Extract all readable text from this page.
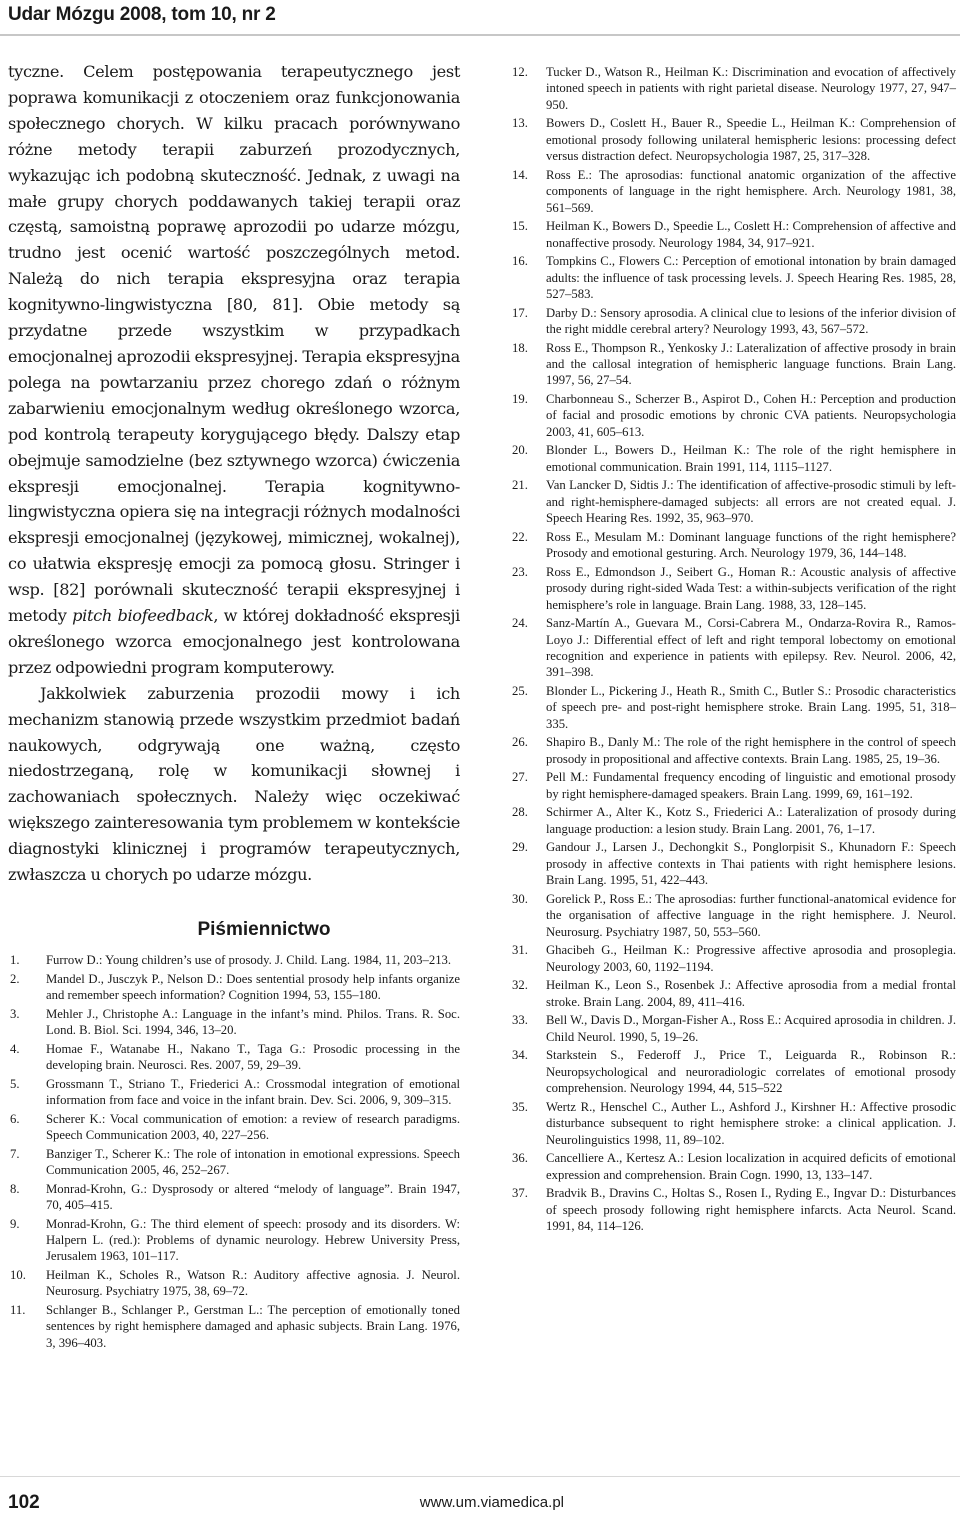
Udar Mózgu 2008, tom 10, nr 2

tyczne. Celem postępowania terapeutycznego jest poprawa komunikacji z otoczeniem oraz funkcjonowania społecznego chorych. W kilku pracach porównywano różne metody terapii zaburzeń prozodycznych, wykazując ich podobną skuteczność. Jednak, z uwagi na małe grupy chorych poddawanych takiej terapii oraz częstą, samoistną poprawę aprozodii po udarze mózgu, trudno jest ocenić wartość poszczególnych metod. Należą do nich terapia ekspresyjna oraz terapia kognitywno-lingwistyczna [80, 81]. Obie metody są przydatne przede wszystkim w przypadkach emocjonalnej aprozodii ekspresyjnej. Terapia ekspresyjna polega na powtarzaniu przez chorego zdań o różnym zabarwieniu emocjonalnym według określonego wzorca, pod kontrolą terapeuty korygującego błędy. Dalszy etap obejmuje samodzielne (bez sztywnego wzorca) ćwiczenia ekspresji emocjonalnej. Terapia kognitywno-lingwistyczna opiera się na integracji różnych modalności ekspresji emocjonalnej (językowej, mimicznej, wokalnej), co ułatwia ekspresję emocji za pomocą głosu. Stringer i wsp. [82] porównali skuteczność terapii ekspresyjnej i metody pitch biofeedback, w której dokładność ekspresji określonego wzorca emocjonalnego jest kontrolowana przez odpowiedni program komputerowy.

Jakkolwiek zaburzenia prozodii mowy i ich mechanizm stanowią przede wszystkim przedmiot badań naukowych, odgrywają one ważną, często niedostrzeganą, rolę w komunikacji słownej i zachowaniach społecznych. Należy więc oczekiwać większego zainteresowania tym problemem w kontekście diagnostyki klinicznej i programów terapeutycznych, zwłaszcza u chorych po udarze mózgu.

Piśmiennictwo
1.	Furrow D.: Young children’s use of prosody. J. Child. Lang. 1984, 11, 203–213.
2.	Mandel D., Jusczyk P., Nelson D.: Does sentential prosody help infants organize and remember speech information? Cognition 1994, 53, 155–180.
3.	Mehler J., Christophe A.: Language in the infant’s mind. Philos. Trans. R. Soc. Lond. B. Biol. Sci. 1994, 346, 13–20.
4.	Homae F., Watanabe H., Nakano T., Taga G.: Prosodic processing in the developing brain. Neurosci. Res. 2007, 59, 29–39.
5.	Grossmann T., Striano T., Friederici A.: Crossmodal integration of emotional information from face and voice in the infant brain. Dev. Sci. 2006, 9, 309–315.
6.	Scherer K.: Vocal communication of emotion: a review of research paradigms. Speech Communication 2003, 40, 227–256.
7.	Banziger T., Scherer K.: The role of intonation in emotional expressions. Speech Communication 2005, 46, 252–267.
8.	Monrad-Krohn, G.: Dysprosody or altered “melody of language”. Brain 1947, 70, 405–415.
9.	Monrad-Krohn, G.: The third element of speech: prosody and its disorders. W: Halpern L. (red.): Problems of dynamic neurology. Hebrew University Press, Jerusalem 1963, 101–117.
10.	Heilman K., Scholes R., Watson R.: Auditory affective agnosia. J. Neurol. Neurosurg. Psychiatry 1975, 38, 69–72.
11.	Schlanger B., Schlanger P., Gerstman L.: The perception of emotionally toned sentences by right hemisphere damaged and aphasic subjects. Brain Lang. 1976, 3, 396–403.
12.	Tucker D., Watson R., Heilman K.: Discrimination and evocation of affectively intoned speech in patients with right parietal disease. Neurology 1977, 27, 947–950.
13.	Bowers D., Coslett H., Bauer R., Speedie L., Heilman K.: Comprehension of emotional prosody following unilateral hemispheric lesions: processing defect versus distraction defect. Neuropsychologia 1987, 25, 317–328.
14.	Ross E.: The aprosodias: functional anatomic organization of the affective components of language in the right hemisphere. Arch. Neurology 1981, 38, 561–569.
15.	Heilman K., Bowers D., Speedie L., Coslett H.: Comprehension of affective and nonaffective prosody. Neurology 1984, 34, 917–921.
16.	Tompkins C., Flowers C.: Perception of emotional intonation by brain damaged adults: the influence of task processing levels. J. Speech Hearing Res. 1985, 28, 527–583.
17.	Darby D.: Sensory aprosodia. A clinical clue to lesions of the inferior division of the right middle cerebral artery? Neurology 1993, 43, 567–572.
18.	Ross E., Thompson R., Yenkosky J.: Lateralization of affective prosody in brain and the callosal integration of hemispheric language functions. Brain Lang. 1997, 56, 27–54.
19.	Charbonneau S., Scherzer B., Aspirot D., Cohen H.: Perception and production of facial and prosodic emotions by chronic CVA patients. Neuropsychologia 2003, 41, 605–613.
20.	Blonder L., Bowers D., Heilman K.: The role of the right hemisphere in emotional communication. Brain 1991, 114, 1115–1127.
21.	Van Lancker D, Sidtis J.: The identification of affective-prosodic stimuli by left- and right-hemisphere-damaged subjects: all errors are not created equal. J. Speech Hearing Res. 1992, 35, 963–970.
22.	Ross E., Mesulam M.: Dominant language functions of the right hemisphere? Prosody and emotional gesturing. Arch. Neurology 1979, 36, 144–148.
23.	Ross E., Edmondson J., Seibert G., Homan R.: Acoustic analysis of affective prosody during right-sided Wada Test: a within-subjects verification of the right hemisphere’s role in language. Brain Lang. 1988, 33, 128–145.
24.	Sanz-Martín A., Guevara M., Corsi-Cabrera M., Ondarza-Rovira R., Ramos-Loyo J.: Differential effect of left and right temporal lobectomy on emotional recognition and experience in patients with epilepsy. Rev. Neurol. 2006, 42, 391–398.
25.	Blonder L., Pickering J., Heath R., Smith C., Butler S.: Prosodic characteristics of speech pre- and post-right hemisphere stroke. Brain Lang. 1995, 51, 318–335.
26.	Shapiro B., Danly M.: The role of the right hemisphere in the control of speech prosody in propositional and affective contexts. Brain Lang. 1985, 25, 19–36.
27.	Pell M.: Fundamental frequency encoding of linguistic and emotional prosody by right hemisphere-damaged speakers. Brain Lang. 1999, 69, 161–192.
28.	Schirmer A., Alter K., Kotz S., Friederici A.: Lateralization of prosody during language production: a lesion study. Brain Lang. 2001, 76, 1–17.
29.	Gandour J., Larsen J., Dechongkit S., Ponglorpisit S., Khunadorn F.: Speech prosody in affective contexts in Thai patients with right hemisphere lesions. Brain Lang. 1995, 51, 422–443.
30.	Gorelick P., Ross E.: The aprosodias: further functional-anatomical evidence for the organisation of affective language in the right hemisphere. J. Neurol. Neurosurg. Psychiatry 1987, 50, 553–560.
31.	Ghacibeh G., Heilman K.: Progressive affective aprosodia and prosoplegia. Neurology 2003, 60, 1192–1194.
32.	Heilman K., Leon S., Rosenbek J.: Affective aprosodia from a medial frontal stroke. Brain Lang. 2004, 89, 411–416.
33.	Bell W., Davis D., Morgan-Fisher A., Ross E.: Acquired aprosodia in children. J. Child Neurol. 1990, 5, 19–26.
34.	Starkstein S., Federoff J., Price T., Leiguarda R., Robinson R.: Neuropsychological and neuroradiologic correlates of emotional prosody comprehension. Neurology 1994, 44, 515–522
35.	Wertz R., Henschel C., Auther L., Ashford J., Kirshner H.: Affective prosodic disturbance subsequent to right hemisphere stroke: a clinical application. J. Neurolinguistics 1998, 11, 89–102.
36.	Cancelliere A., Kertesz A.: Lesion localization in acquired deficits of emotional expression and comprehension. Brain Cogn. 1990, 13, 133–147.
37.	Bradvik B., Dravins C., Holtas S., Rosen I., Ryding E., Ingvar D.: Disturbances of speech prosody following right hemisphere infarcts. Acta Neurol. Scand. 1991, 84, 114–126.
102	www.um.viamedica.pl
